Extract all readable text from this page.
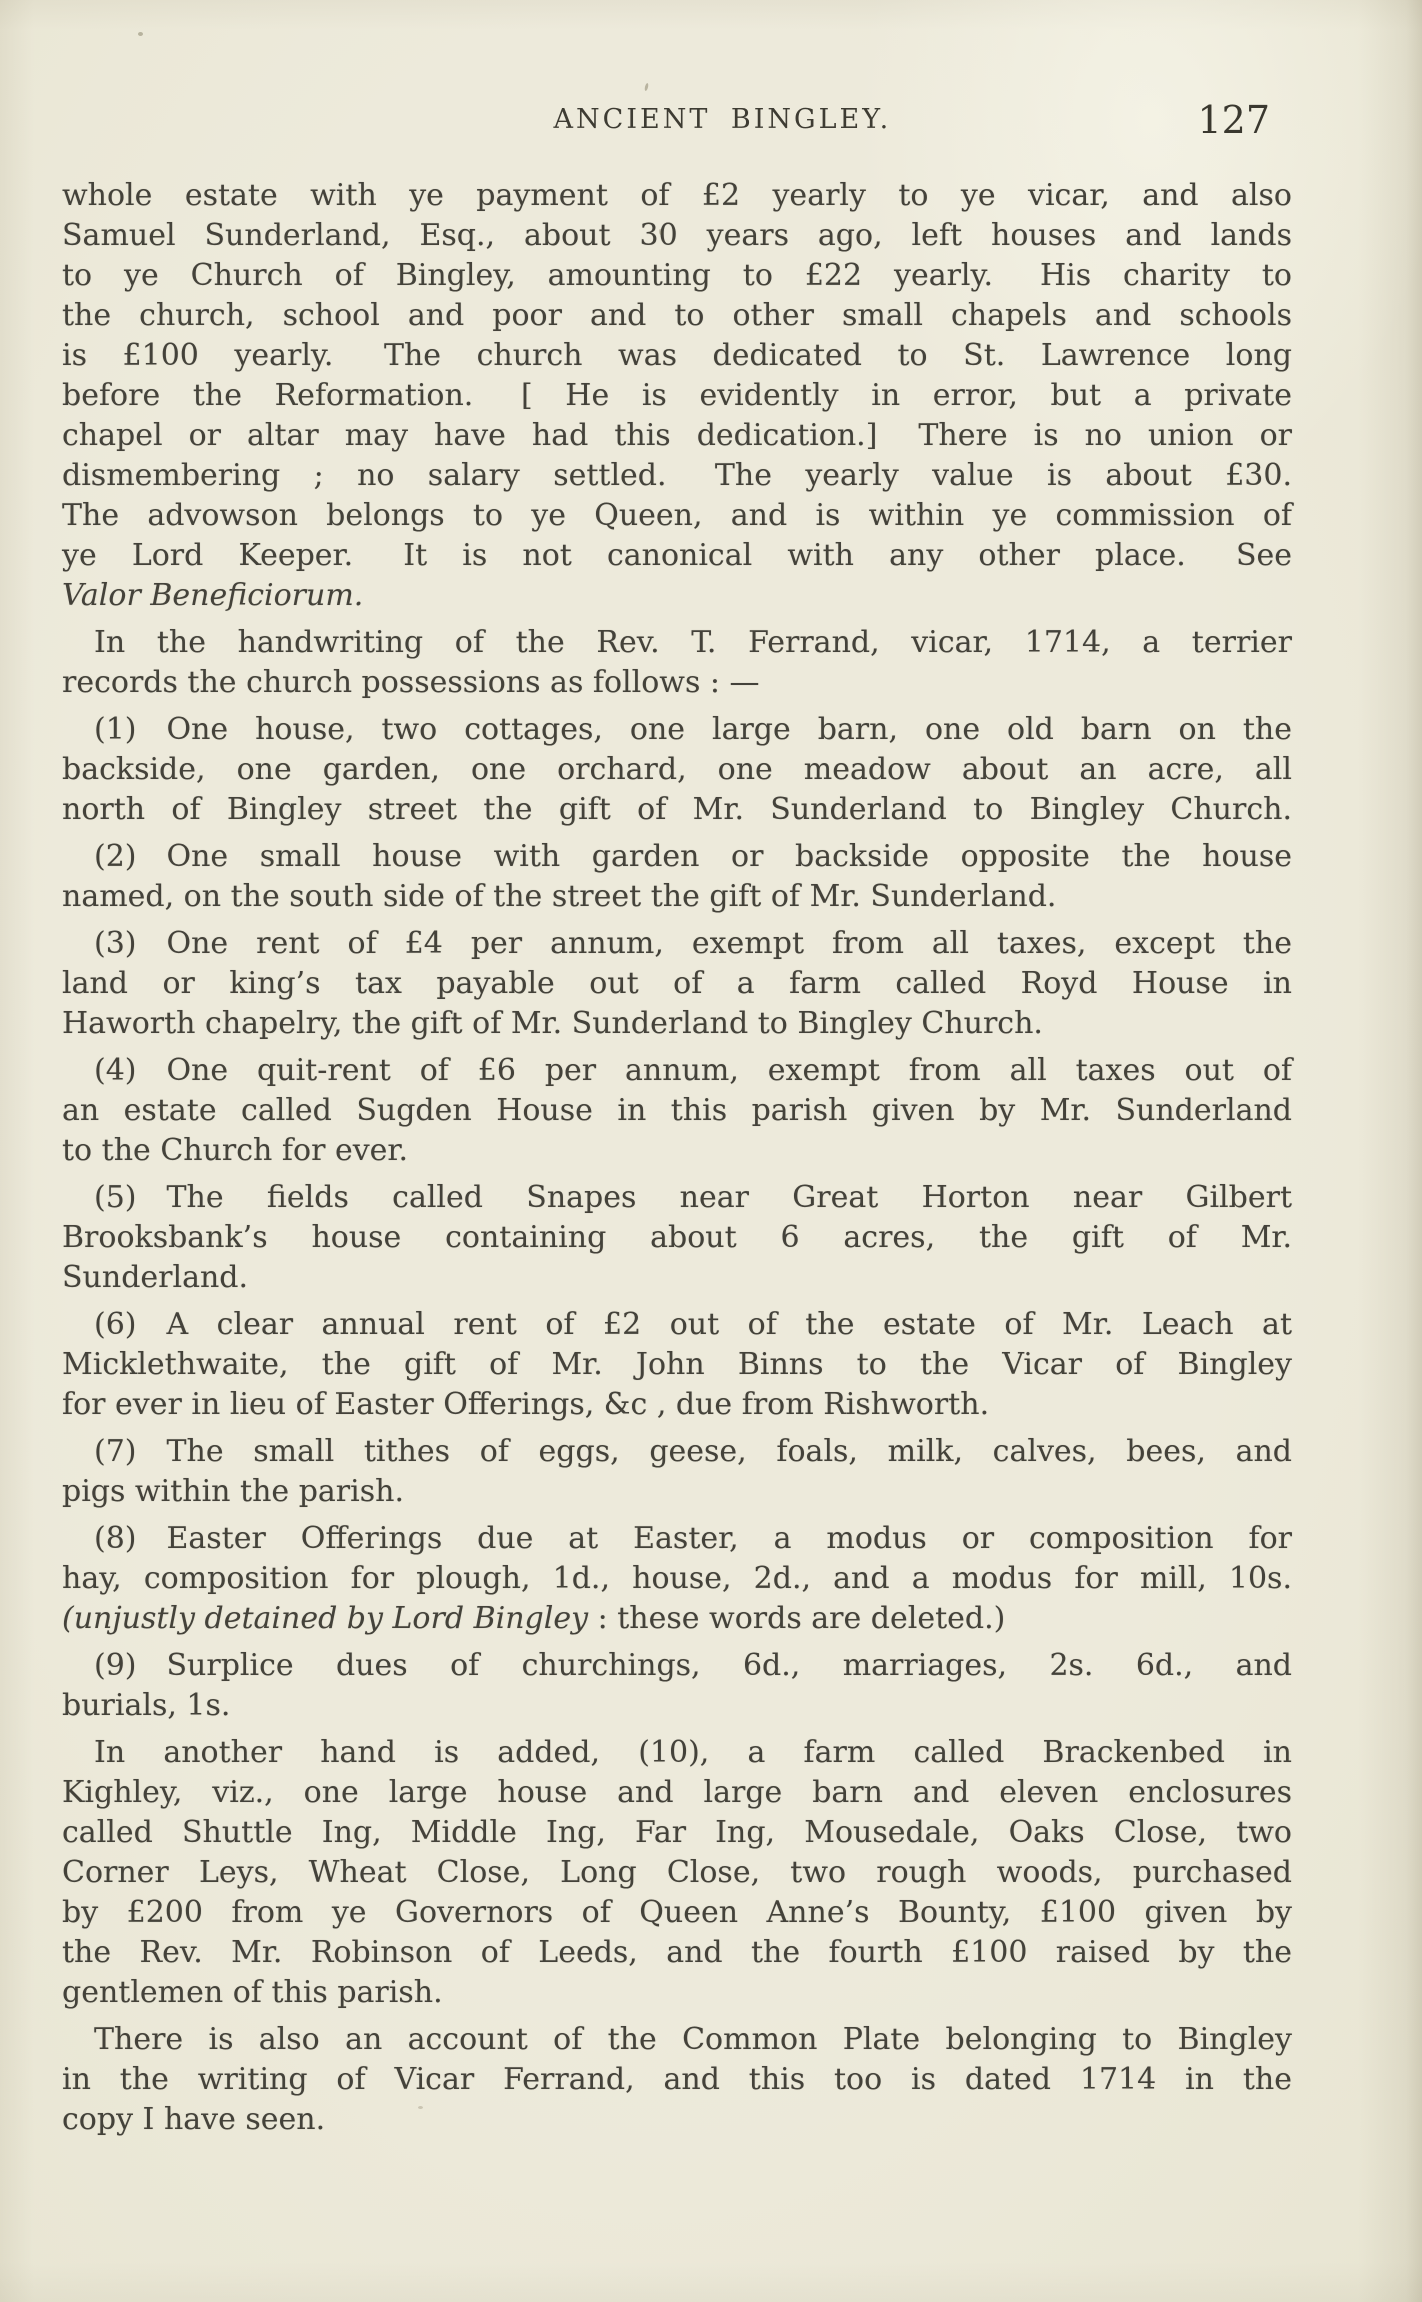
ANCIENT BINGLEY.	127
whole estate with ye payment of £2 yearly to ye vicar, and also
Samuel Sunderland, Esq., about 30 years ago, left houses and lands
to ye Church of Bingley, amounting to £22 yearly.  His charity to
the church, school and poor and to other small chapels and schools
is £100 yearly.  The church was dedicated to St. Lawrence long
before the Reformation.  [ He is evidently in error, but a private
chapel or altar may have had this dedication.]  There is no union or
dismembering ; no salary settled.  The yearly value is about £30.
The advowson belongs to ye Queen, and is within ye commission of
ye Lord Keeper.  It is not canonical with any other place.  See
Valor Beneficiorum.
In the handwriting of the Rev. T. Ferrand, vicar, 1714, a terrier
records the church possessions as follows : —
(1) One house, two cottages, one large barn, one old barn on the
backside, one garden, one orchard, one meadow about an acre, all
north of Bingley street the gift of Mr. Sunderland to Bingley Church.
(2) One small house with garden or backside opposite the house
named, on the south side of the street the gift of Mr. Sunderland.
(3) One rent of £4 per annum, exempt from all taxes, except the
land or king’s tax payable out of a farm called Royd House in
Haworth chapelry, the gift of Mr. Sunderland to Bingley Church.
(4) One quit-rent of £6 per annum, exempt from all taxes out of
an estate called Sugden House in this parish given by Mr. Sunderland
to the Church for ever.
(5) The fields called Snapes near Great Horton near Gilbert
Brooksbank’s house containing about 6 acres, the gift of Mr.
Sunderland.
(6) A clear annual rent of £2 out of the estate of Mr. Leach at
Micklethwaite, the gift of Mr. John Binns to the Vicar of Bingley
for ever in lieu of Easter Offerings, &c , due from Rishworth.
(7) The small tithes of eggs, geese, foals, milk, calves, bees, and
pigs within the parish.
(8) Easter Offerings due at Easter, a modus or composition for
hay, composition for plough, 1d., house, 2d., and a modus for mill, 10s.
(unjustly detained by Lord Bingley : these words are deleted.)
(9) Surplice dues of churchings, 6d., marriages, 2s. 6d., and
burials, 1s.
In another hand is added, (10), a farm called Brackenbed in
Kighley, viz., one large house and large barn and eleven enclosures
called Shuttle Ing, Middle Ing, Far Ing, Mousedale, Oaks Close, two
Corner Leys, Wheat Close, Long Close, two rough woods, purchased
by £200 from ye Governors of Queen Anne’s Bounty, £100 given by
the Rev. Mr. Robinson of Leeds, and the fourth £100 raised by the
gentlemen of this parish.
There is also an account of the Common Plate belonging to Bingley
in the writing of Vicar Ferrand, and this too is dated 1714 in the
copy I have seen.
